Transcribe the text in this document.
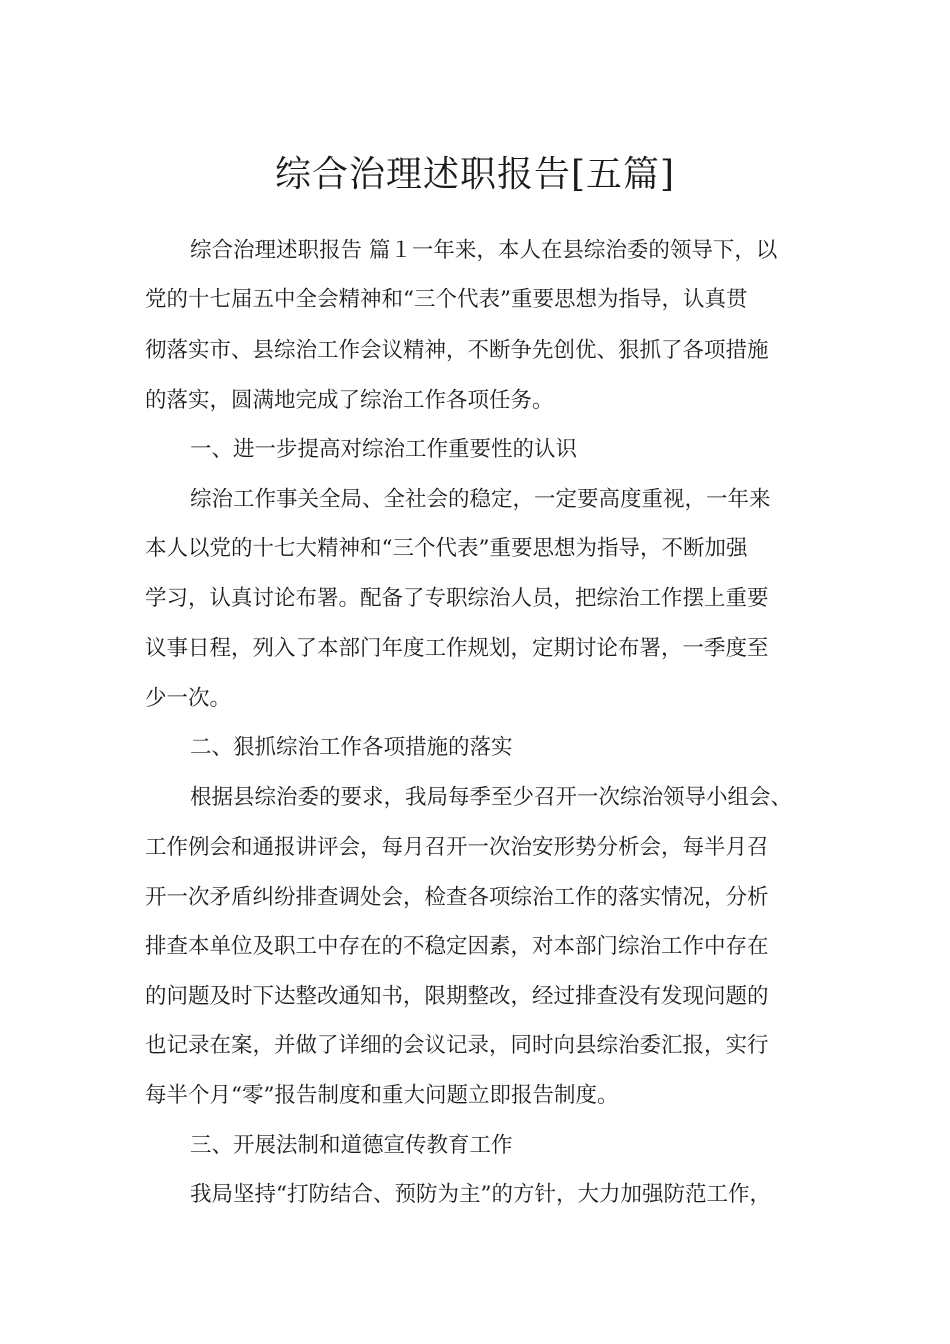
综合治理述职报告[五篇]
综合治理述职报告 篇１一年来，本人在县综治委的领导下，以
党的十七届五中全会精神和“三个代表”重要思想为指导，认真贯
彻落实市、县综治工作会议精神，不断争先创优、狠抓了各项措施
的落实，圆满地完成了综治工作各项任务。
一、进一步提高对综治工作重要性的认识
综治工作事关全局、全社会的稳定，一定要高度重视，一年来
本人以党的十七大精神和“三个代表”重要思想为指导，不断加强
学习，认真讨论布署。配备了专职综治人员，把综治工作摆上重要
议事日程，列入了本部门年度工作规划，定期讨论布署，一季度至
少一次。
二、狠抓综治工作各项措施的落实
根据县综治委的要求，我局每季至少召开一次综治领导小组会、
工作例会和通报讲评会，每月召开一次治安形势分析会，每半月召
开一次矛盾纠纷排查调处会，检查各项综治工作的落实情况，分析
排查本单位及职工中存在的不稳定因素，对本部门综治工作中存在
的问题及时下达整改通知书，限期整改，经过排查没有发现问题的
也记录在案，并做了详细的会议记录，同时向县综治委汇报，实行
每半个月“零”报告制度和重大问题立即报告制度。
三、开展法制和道德宣传教育工作
我局坚持“打防结合、预防为主”的方针，大力加强防范工作，
